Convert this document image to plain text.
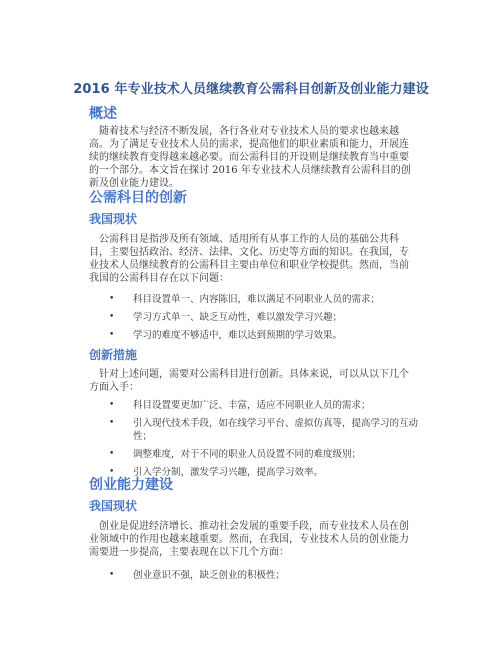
2016 年专业技术人员继续教育公需科目创新及创业能力建设
概述
随着技术与经济不断发展，各行各业对专业技术人员的要求也越来越高。为了满足专业技术人员的需求，提高他们的职业素质和能力，开展连续的继续教育变得越来越必要。而公需科目的开设则是继续教育当中重要的一个部分。本文旨在探讨 2016 年专业技术人员继续教育公需科目的创新及创业能力建设。
公需科目的创新
我国现状
公需科目是指涉及所有领域、适用所有从事工作的人员的基础公共科目，主要包括政治、经济、法律、文化、历史等方面的知识。在我国，专业技术人员继续教育的公需科目主要由单位和职业学校提供。然而，当前我国的公需科目存在以下问题：
• 科目设置单一、内容陈旧，难以满足不同职业人员的需求；
• 学习方式单一、缺乏互动性，难以激发学习兴趣；
• 学习的难度不够适中，难以达到预期的学习效果。
创新措施
针对上述问题，需要对公需科目进行创新。具体来说，可以从以下几个方面入手：
• 科目设置要更加广泛、丰富，适应不同职业人员的需求；
• 引入现代技术手段，如在线学习平台、虚拟仿真等，提高学习的互动性；
• 调整难度，对于不同的职业人员设置不同的难度级别；
• 引入学分制，激发学习兴趣，提高学习效率。
创业能力建设
我国现状
创业是促进经济增长、推动社会发展的重要手段，而专业技术人员在创业领域中的作用也越来越重要。然而，在我国，专业技术人员的创业能力需要进一步提高，主要表现在以下几个方面：
• 创业意识不强，缺乏创业的积极性；
